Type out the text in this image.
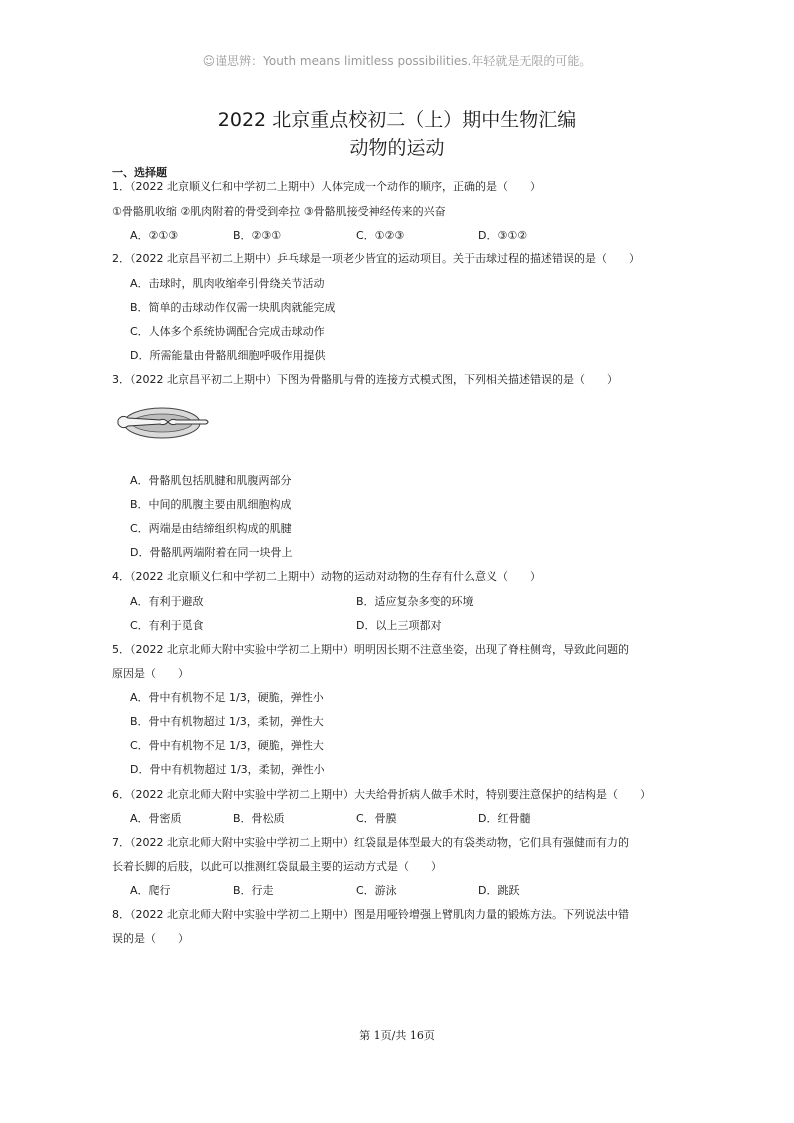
☺谨思辨：Youth means limitless possibilities.年轻就是无限的可能。
2022 北京重点校初二（上）期中生物汇编
动物的运动
一、选择题
1．（2022 北京顺义仁和中学初二上期中）人体完成一个动作的顺序，正确的是（　　）
①骨骼肌收缩 ②肌肉附着的骨受到牵拉 ③骨骼肌接受神经传来的兴奋
A．②①③	B．②③①	C．①②③	D．③①②
2．（2022 北京昌平初二上期中）乒乓球是一项老少皆宜的运动项目。关于击球过程的描述错误的是（　　）
A．击球时，肌肉收缩牵引骨绕关节活动
B．简单的击球动作仅需一块肌肉就能完成
C．人体多个系统协调配合完成击球动作
D．所需能量由骨骼肌细胞呼吸作用提供
3．（2022 北京昌平初二上期中）下图为骨骼肌与骨的连接方式模式图，下列相关描述错误的是（　　）
A．骨骼肌包括肌腱和肌腹两部分
B．中间的肌腹主要由肌细胞构成
C．两端是由结缔组织构成的肌腱
D．骨骼肌两端附着在同一块骨上
4．（2022 北京顺义仁和中学初二上期中）动物的运动对动物的生存有什么意义（　　）
A．有利于避敌	B．适应复杂多变的环境
C．有利于觅食	D．以上三项都对
5．（2022 北京北师大附中实验中学初二上期中）明明因长期不注意坐姿，出现了脊柱侧弯，导致此问题的
原因是（　　）
A．骨中有机物不足 1/3，硬脆，弹性小
B．骨中有机物超过 1/3，柔韧，弹性大
C．骨中有机物不足 1/3，硬脆，弹性大
D．骨中有机物超过 1/3，柔韧，弹性小
6．（2022 北京北师大附中实验中学初二上期中）大夫给骨折病人做手术时，特别要注意保护的结构是（　　）
A．骨密质	B．骨松质	C．骨膜	D．红骨髓
7．（2022 北京北师大附中实验中学初二上期中）红袋鼠是体型最大的有袋类动物，它们具有强健而有力的
长着长脚的后肢，以此可以推测红袋鼠最主要的运动方式是（　　）
A．爬行	B．行走	C．游泳	D．跳跃
8．（2022 北京北师大附中实验中学初二上期中）图是用哑铃增强上臂肌肉力量的锻炼方法。下列说法中错
误的是（　　）
第 1页/共 16页
